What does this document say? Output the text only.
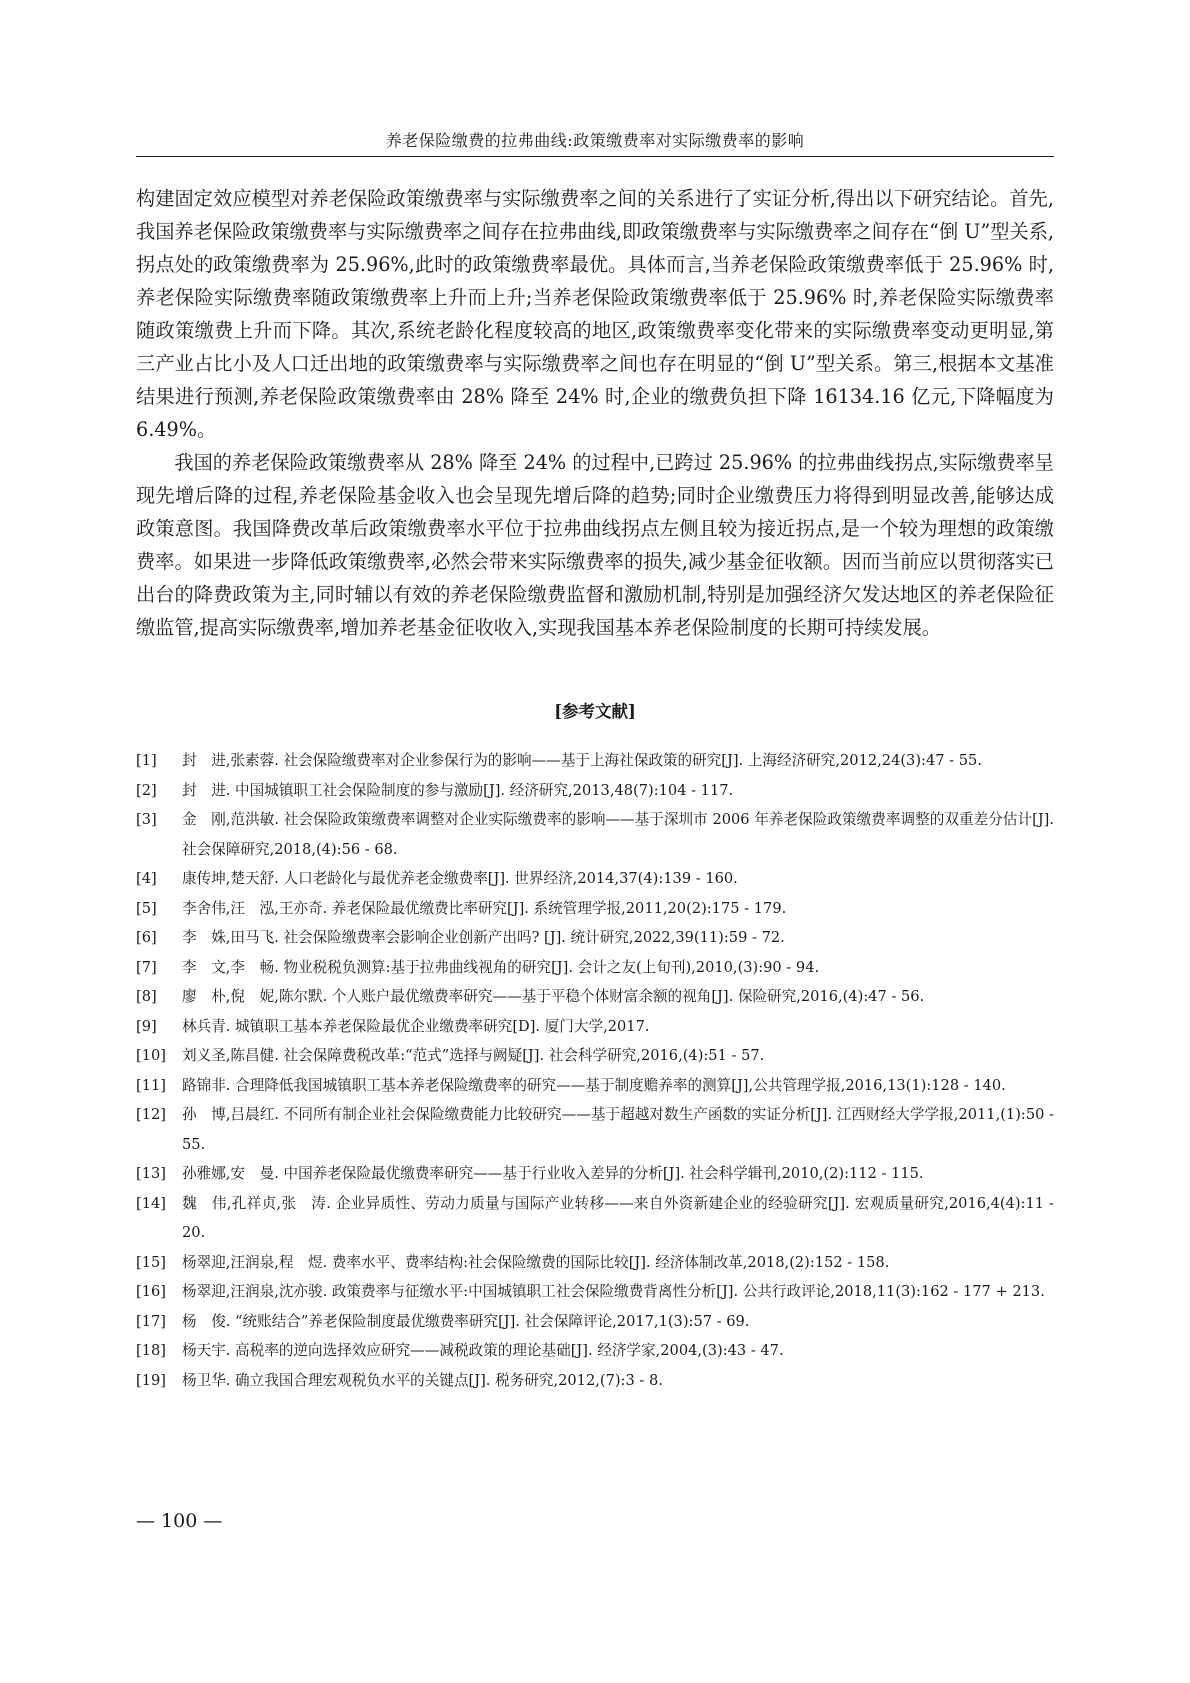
养老保险缴费的拉弗曲线:政策缴费率对实际缴费率的影响

构建固定效应模型对养老保险政策缴费率与实际缴费率之间的关系进行了实证分析,得出以下研究结论。首先,我国养老保险政策缴费率与实际缴费率之间存在拉弗曲线,即政策缴费率与实际缴费率之间存在“倒 U”型关系,拐点处的政策缴费率为 25.96%,此时的政策缴费率最优。具体而言,当养老保险政策缴费率低于 25.96% 时,养老保险实际缴费率随政策缴费率上升而上升;当养老保险政策缴费率低于 25.96% 时,养老保险实际缴费率随政策缴费上升而下降。其次,系统老龄化程度较高的地区,政策缴费率变化带来的实际缴费率变动更明显,第三产业占比小及人口迁出地的政策缴费率与实际缴费率之间也存在明显的“倒 U”型关系。第三,根据本文基准结果进行预测,养老保险政策缴费率由 28% 降至 24% 时,企业的缴费负担下降 16134.16 亿元,下降幅度为 6.49%。

我国的养老保险政策缴费率从 28% 降至 24% 的过程中,已跨过 25.96% 的拉弗曲线拐点,实际缴费率呈现先增后降的过程,养老保险基金收入也会呈现先增后降的趋势;同时企业缴费压力将得到明显改善,能够达成政策意图。我国降费改革后政策缴费率水平位于拉弗曲线拐点左侧且较为接近拐点,是一个较为理想的政策缴费率。如果进一步降低政策缴费率,必然会带来实际缴费率的损失,减少基金征收额。因而当前应以贯彻落实已出台的降费政策为主,同时辅以有效的养老保险缴费监督和激励机制,特别是加强经济欠发达地区的养老保险征缴监管,提高实际缴费率,增加养老基金征收收入,实现我国基本养老保险制度的长期可持续发展。

[参考文献]
[1]	封　进,张素蓉. 社会保险缴费率对企业参保行为的影响——基于上海社保政策的研究[J]. 上海经济研究,2012,24(3):47 - 55.
[2]	封　进. 中国城镇职工社会保险制度的参与激励[J]. 经济研究,2013,48(7):104 - 117.
[3]	金　刚,范洪敏. 社会保险政策缴费率调整对企业实际缴费率的影响——基于深圳市 2006 年养老保险政策缴费率调整的双重差分估计[J]. 社会保障研究,2018,(4):56 - 68.
[4]	康传坤,楚天舒. 人口老龄化与最优养老金缴费率[J]. 世界经济,2014,37(4):139 - 160.
[5]	李舍伟,汪　泓,王亦奇. 养老保险最优缴费比率研究[J]. 系统管理学报,2011,20(2):175 - 179.
[6]	李　姝,田马飞. 社会保险缴费率会影响企业创新产出吗? [J]. 统计研究,2022,39(11):59 - 72.
[7]	李　文,李　畅. 物业税税负测算:基于拉弗曲线视角的研究[J]. 会计之友(上旬刊),2010,(3):90 - 94.
[8]	廖　朴,倪　妮,陈尔默. 个人账户最优缴费率研究——基于平稳个体财富余额的视角[J]. 保险研究,2016,(4):47 - 56.
[9]	林兵青. 城镇职工基本养老保险最优企业缴费率研究[D]. 厦门大学,2017.
[10]	刘义圣,陈昌健. 社会保障费税改革:“范式”选择与阙疑[J]. 社会科学研究,2016,(4):51 - 57.
[11]	路锦非. 合理降低我国城镇职工基本养老保险缴费率的研究——基于制度赡养率的测算[J],公共管理学报,2016,13(1):128 - 140.
[12]	孙　博,吕晨红. 不同所有制企业社会保险缴费能力比较研究——基于超越对数生产函数的实证分析[J]. 江西财经大学学报,2011,(1):50 - 55.
[13]	孙雅娜,安　曼. 中国养老保险最优缴费率研究——基于行业收入差异的分析[J]. 社会科学辑刊,2010,(2):112 - 115.
[14]	魏　伟,孔祥贞,张　涛. 企业异质性、劳动力质量与国际产业转移——来自外资新建企业的经验研究[J]. 宏观质量研究,2016,4(4):11 - 20.
[15]	杨翠迎,汪润泉,程　煜. 费率水平、费率结构:社会保险缴费的国际比较[J]. 经济体制改革,2018,(2):152 - 158.
[16]	杨翠迎,汪润泉,沈亦骏. 政策费率与征缴水平:中国城镇职工社会保险缴费背离性分析[J]. 公共行政评论,2018,11(3):162 - 177 + 213.
[17]	杨　俊. “统账结合”养老保险制度最优缴费率研究[J]. 社会保障评论,2017,1(3):57 - 69.
[18]	杨天宇. 高税率的逆向选择效应研究——减税政策的理论基础[J]. 经济学家,2004,(3):43 - 47.
[19]	杨卫华. 确立我国合理宏观税负水平的关键点[J]. 税务研究,2012,(7):3 - 8.
— 100 —
